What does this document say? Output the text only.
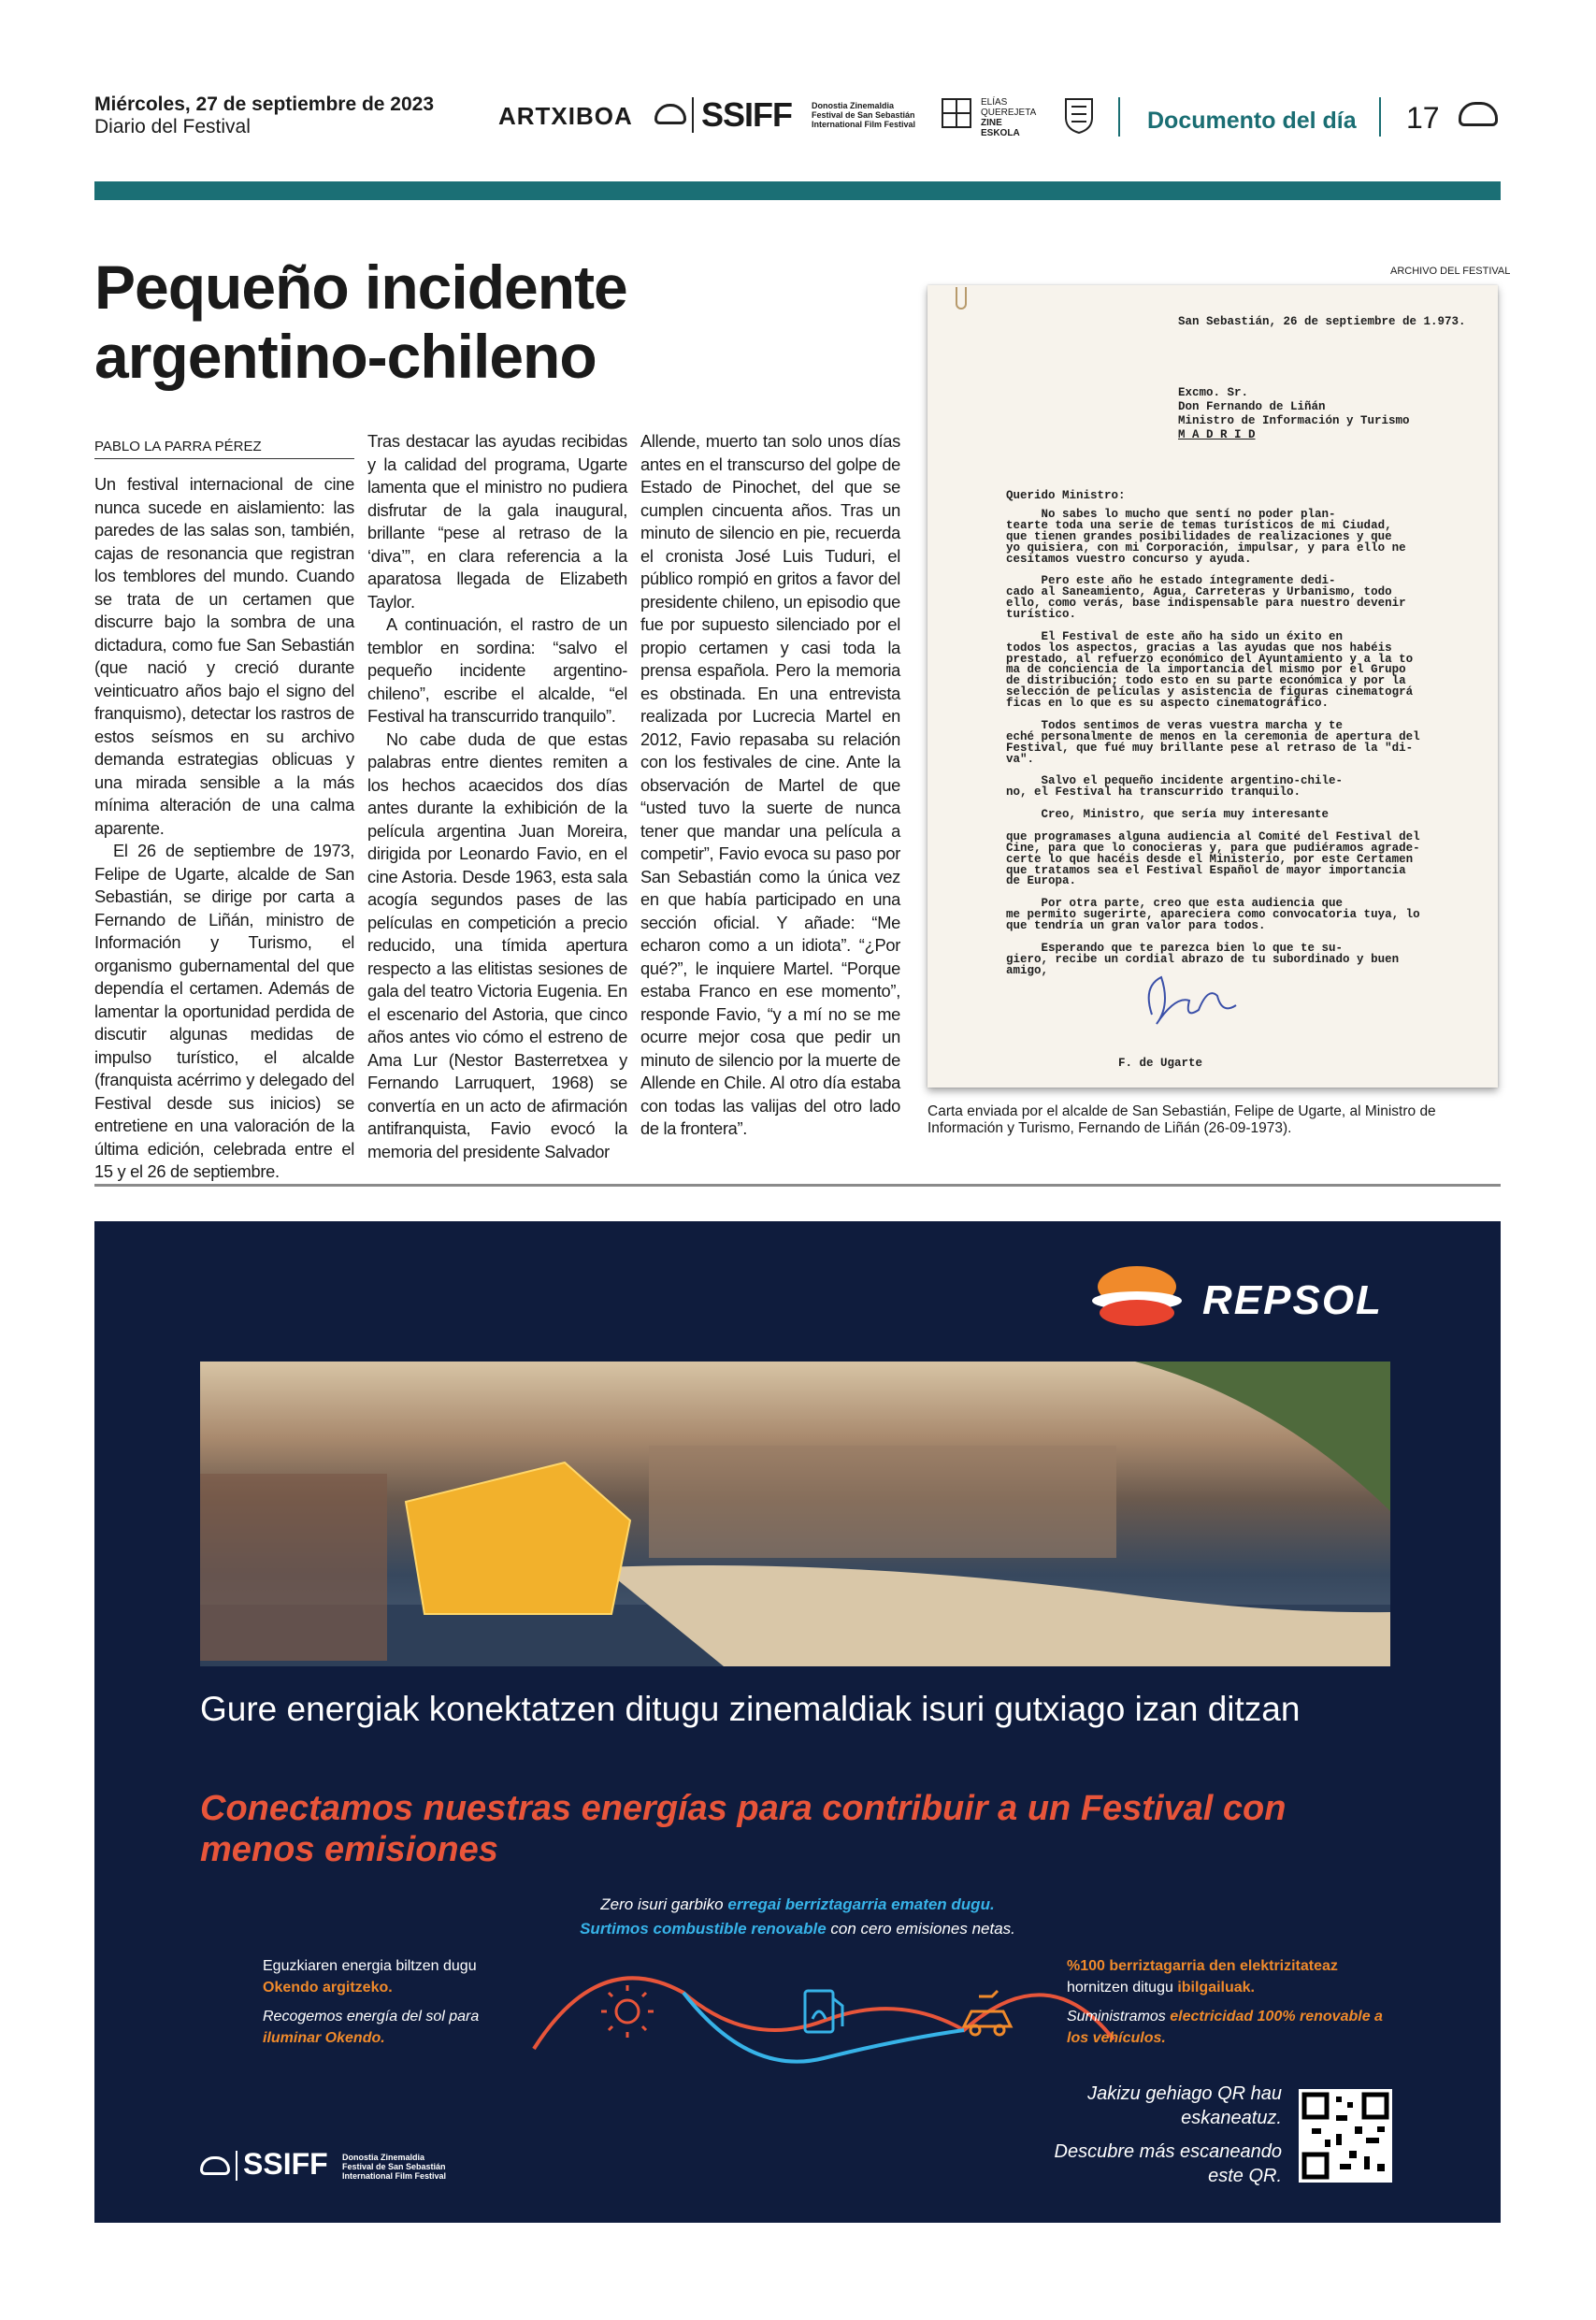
Miércoles, 27 de septiembre de 2023
Diario del Festival	ARTXIBOA SSIFF Donostia Zinemaldia
Festival de San Sebastián
International Film Festival
ELÍAS
QUEREJETA
ZINE
ESKOLA	Documento del día 17
Pequeño incidente argentino-chileno
PABLO LA PARRA PÉREZ

Un festival internacional de cine nunca sucede en aislamiento: las paredes de las salas son, también, cajas de resonancia que registran los temblores del mundo. Cuando se trata de un certamen que discurre bajo la sombra de una dictadura, como fue San Sebastián (que nació y creció durante veinticuatro años bajo el signo del franquismo), detectar los rastros de estos seísmos en su archivo demanda estrategias oblicuas y una mirada sensible a la más mínima alteración de una calma aparente.

El 26 de septiembre de 1973, Felipe de Ugarte, alcalde de San Sebastián, se dirige por carta a Fernando de Liñán, ministro de Información y Turismo, el organismo gubernamental del que dependía el certamen. Además de lamentar la oportunidad perdida de discutir algunas medidas de impulso turístico, el alcalde (franquista acérrimo y delegado del Festival desde sus inicios) se entretiene en una valoración de la última edición, celebrada entre el 15 y el 26 de septiembre.

Tras destacar las ayudas recibidas y la calidad del programa, Ugarte lamenta que el ministro no pudiera disfrutar de la gala inaugural, brillante “pese al retraso de la ‘diva’”, en clara referencia a la aparatosa llegada de Elizabeth Taylor.

A continuación, el rastro de un temblor en sordina: “salvo el pequeño incidente argentino-chileno”, escribe el alcalde, “el Festival ha transcurrido tranquilo”.

No cabe duda de que estas palabras entre dientes remiten a los hechos acaecidos dos días antes durante la exhibición de la película argentina Juan Moreira, dirigida por Leonardo Favio, en el cine Astoria. Desde 1963, esta sala acogía segundos pases de las películas en competición a precio reducido, una tímida apertura respecto a las elitistas sesiones de gala del teatro Victoria Eugenia. En el escenario del Astoria, que cinco años antes vio cómo el estreno de Ama Lur (Nestor Basterretxea y Fernando Larruquert, 1968) se convertía en un acto de afirmación antifranquista, Favio evocó la memoria del presidente Salvador

Allende, muerto tan solo unos días antes en el transcurso del golpe de Estado de Pinochet, del que se cumplen cincuenta años. Tras un minuto de silencio en pie, recuerda el cronista José Luis Tuduri, el público rompió en gritos a favor del presidente chileno, un episodio que fue por supuesto silenciado por el propio certamen y casi toda la prensa española. Pero la memoria es obstinada. En una entrevista realizada por Lucrecia Martel en 2012, Favio repasaba su relación con los festivales de cine. Ante la observación de Martel de que “usted tuvo la suerte de nunca tener que mandar una película a competir”, Favio evoca su paso por San Sebastián como la única vez en que había participado en una sección oficial. Y añade: “Me echaron como a un idiota”. “¿Por qué?”, le inquiere Martel. “Porque estaba Franco en ese momento”, responde Favio, “y a mí no se me ocurre mejor cosa que pedir un minuto de silencio por la muerte de Allende en Chile. Al otro día estaba con todas las valijas del otro lado de la frontera”.

ARCHIVO DEL FESTIVAL
San Sebastián, 26 de septiembre de 1.973.
Excmo. Sr.
Don Fernando de Liñán
Ministro de Información y Turismo
M A D R I D
Querido Ministro:
No sabes lo mucho que sentí no poder plan-
tearte toda una serie de temas turísticos de mi Ciudad,
que tienen grandes posibilidades de realizaciones y que
yo quisiera, con mi Corporación, impulsar, y para ello ne
cesitamos vuestro concurso y ayuda.
Pero este año he estado íntegramente dedi-
cado al Saneamiento, Agua, Carreteras y Urbanismo, todo
ello, como verás, base indispensable para nuestro devenir
turístico.
El Festival de este año ha sido un éxito en
todos los aspectos, gracias a las ayudas que nos habéis
prestado, al refuerzo económico del Ayuntamiento y a la to
ma de conciencia de la importancia del mismo por el Grupo
de distribución; todo esto en su parte económica y por la
selección de películas y asistencia de figuras cinematográ
ficas en lo que es su aspecto cinematográfico.
Todos sentimos de veras vuestra marcha y te
eché personalmente de menos en la ceremonia de apertura del
Festival, que fué muy brillante pese al retraso de la "di-
va".
Salvo el pequeño incidente argentino-chile-
no, el Festival ha transcurrido tranquilo.
Creo, Ministro, que sería muy interesante
que programases alguna audiencia al Comité del Festival del
Cine, para que lo conocieras y, para que pudiéramos agrade-
certe lo que hacéis desde el Ministerio, por este Certamen
que tratamos sea el Festival Español de mayor importancia
de Europa.
Por otra parte, creo que esta audiencia que
me permito sugerirte, apareciera como convocatoria tuya, lo
que tendría un gran valor para todos.
Esperando que te parezca bien lo que te su-
giero, recibe un cordial abrazo de tu subordinado y buen
amigo,
F. de Ugarte
Carta enviada por el alcalde de San Sebastián, Felipe de Ugarte, al Ministro de Información y Turismo, Fernando de Liñán (26-09-1973).
REPSOL
Gure energiak konektatzen ditugu zinemaldiak isuri gutxiago izan ditzan
Conectamos nuestras energías para contribuir a un Festival con menos emisiones
Zero isuri garbiko erregai berriztagarria ematen dugu.
Surtimos combustible renovable con cero emisiones netas.
Eguzkiaren energia biltzen dugu
Okendo argitzeko.
Recogemos energía del sol para
iluminar Okendo.
%100 berriztagarria den elektrizitateaz
hornitzen ditugu ibilgailuak.
Suministramos electricidad 100% renovable a los vehículos.
Jakizu gehiago QR hau eskaneatuz.
Descubre más escaneando este QR.
SSIFF Donostia Zinemaldia
Festival de San Sebastián
International Film Festival
